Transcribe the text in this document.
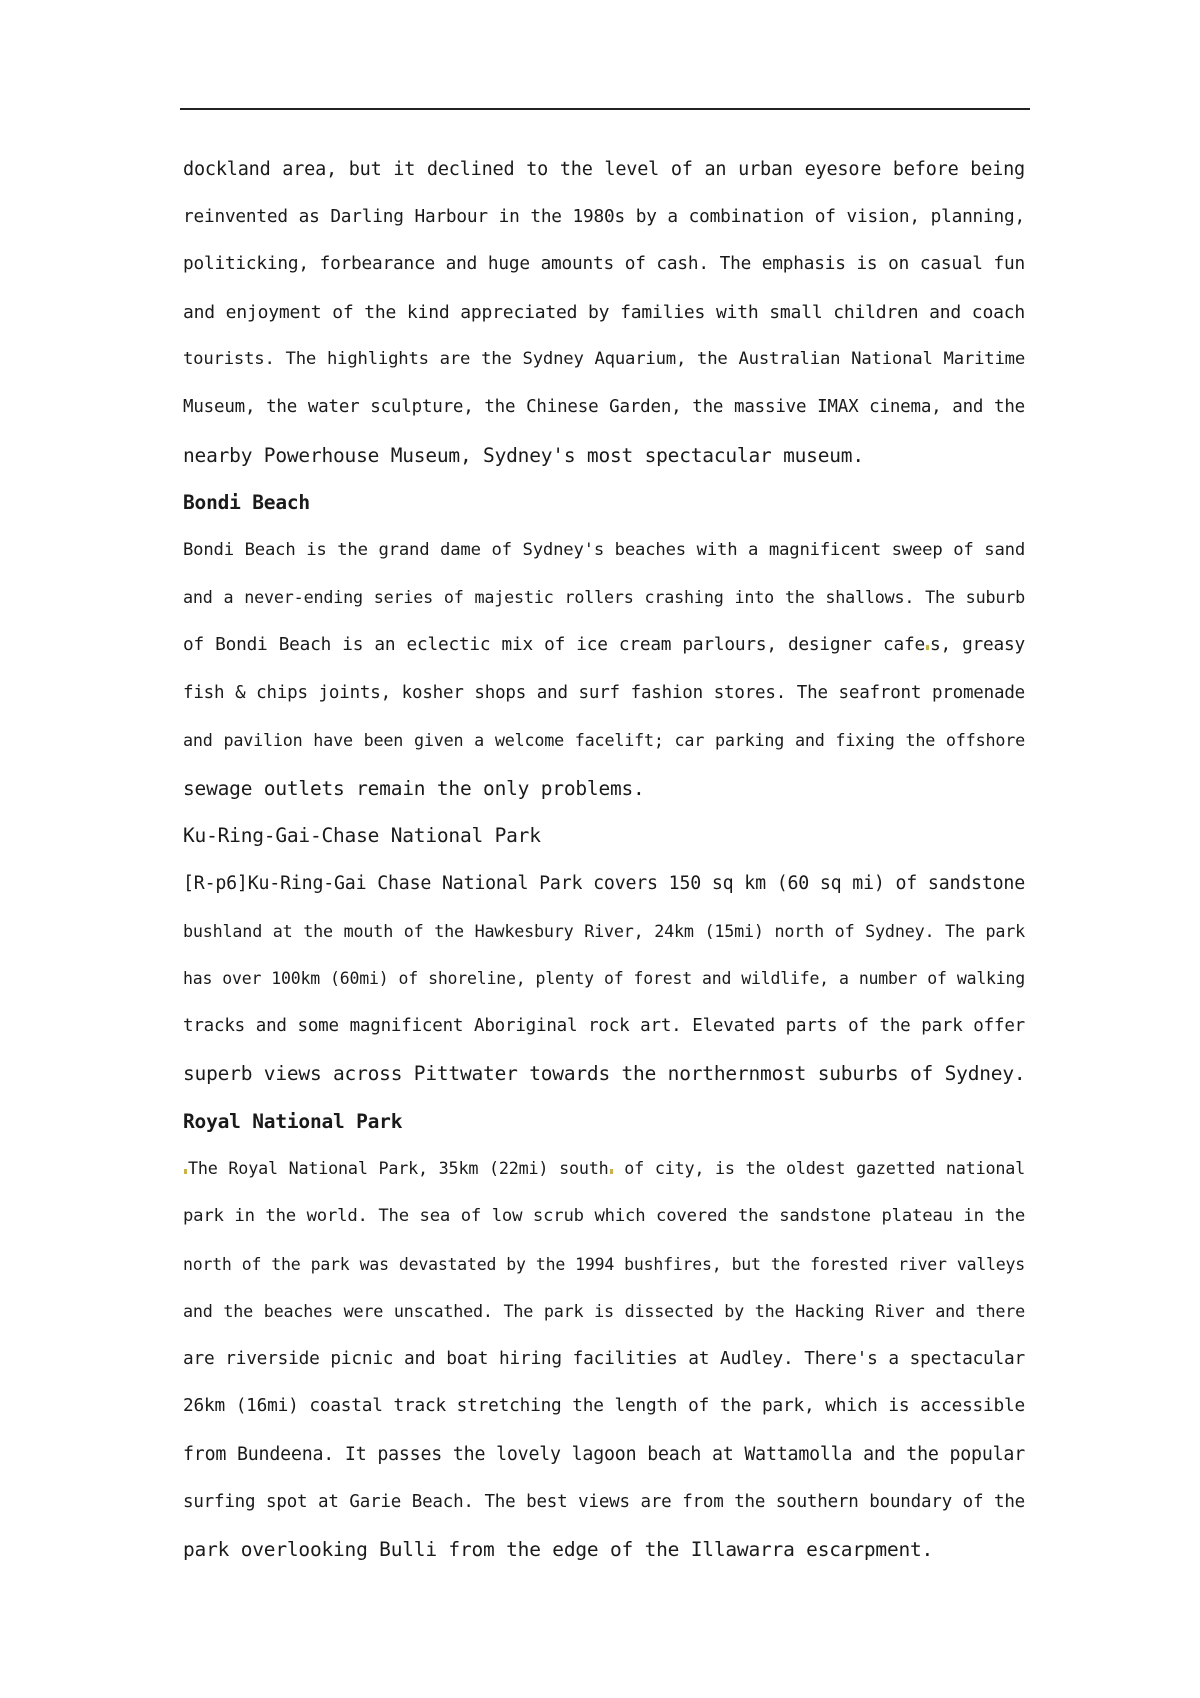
dockland area, but it declined to the level of an urban eyesore before being
reinvented as Darling Harbour in the 1980s by a combination of vision, planning,
politicking, forbearance and huge amounts of cash. The emphasis is on casual fun
and enjoyment of the kind appreciated by families with small children and coach
tourists. The highlights are the Sydney Aquarium, the Australian National Maritime
Museum, the water sculpture, the Chinese Garden, the massive IMAX cinema, and the
nearby Powerhouse Museum, Sydney's most spectacular museum.
Bondi Beach
Bondi Beach is the grand dame of Sydney's beaches with a magnificent sweep of sand
and a never-ending series of majestic rollers crashing into the shallows. The suburb
of Bondi Beach is an eclectic mix of ice cream parlours, designer cafe s, greasy
fish & chips joints, kosher shops and surf fashion stores. The seafront promenade
and pavilion have been given a welcome facelift; car parking and fixing the offshore
sewage outlets remain the only problems.
Ku-Ring-Gai-Chase National Park
[R-p6]Ku-Ring-Gai Chase National Park covers 150 sq km (60 sq mi) of sandstone
bushland at the mouth of the Hawkesbury River, 24km (15mi) north of Sydney. The park
has over 100km (60mi) of shoreline, plenty of forest and wildlife, a number of walking
tracks and some magnificent Aboriginal rock art. Elevated parts of the park offer
superb views across Pittwater towards the northernmost suburbs of Sydney.
Royal National Park
The Royal National Park, 35km (22mi) south of city, is the oldest gazetted national
park in the world. The sea of low scrub which covered the sandstone plateau in the
north of the park was devastated by the 1994 bushfires, but the forested river valleys
and the beaches were unscathed. The park is dissected by the Hacking River and there
are riverside picnic and boat hiring facilities at Audley. There's a spectacular
26km (16mi) coastal track stretching the length of the park, which is accessible
from Bundeena. It passes the lovely lagoon beach at Wattamolla and the popular
surfing spot at Garie Beach. The best views are from the southern boundary of the
park overlooking Bulli from the edge of the Illawarra escarpment.
